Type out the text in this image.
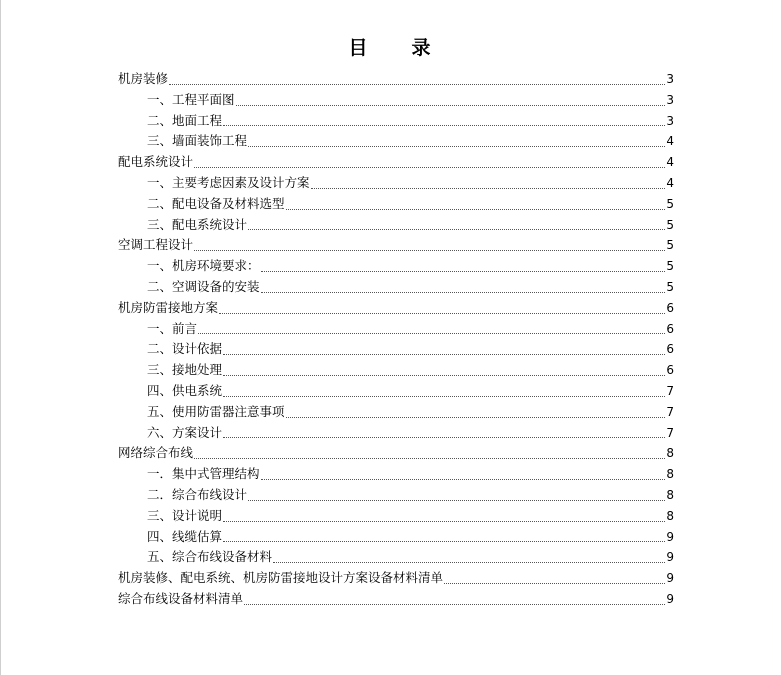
目 录
机房装修	3
一、工程平面图	3
二、地面工程	3
三、墙面装饰工程	4
配电系统设计	4
一、主要考虑因素及设计方案	4
二、配电设备及材料选型	5
三、配电系统设计	5
空调工程设计	5
一、机房环境要求：	5
二、空调设备的安装	5
机房防雷接地方案	6
一、前言	6
二、设计依据	6
三、接地处理	6
四、供电系统	7
五、使用防雷器注意事项	7
六、方案设计	7
网络综合布线	8
一．集中式管理结构	8
二．综合布线设计	8
三、设计说明	8
四、线缆估算	9
五、综合布线设备材料	9
机房装修、配电系统、机房防雷接地设计方案设备材料清单	9
综合布线设备材料清单	9
